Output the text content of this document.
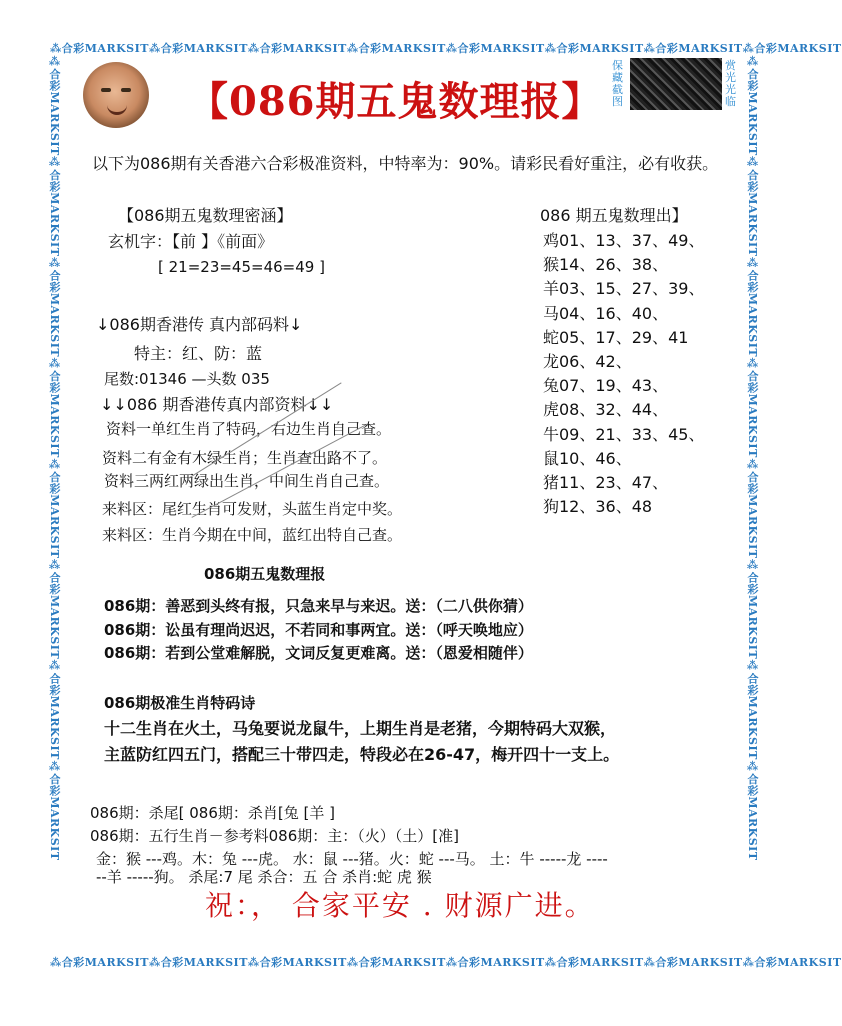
⁂合彩MARKSIT⁂合彩MARKSIT⁂合彩MARKSIT⁂合彩MARKSIT⁂合彩MARKSIT⁂合彩MARKSIT⁂合彩MARKSIT⁂合彩MARKSIT
⁂合彩MARKSIT⁂合彩MARKSIT⁂合彩MARKSIT⁂合彩MARKSIT⁂合彩MARKSIT⁂合彩MARKSIT⁂合彩MARKSIT⁂合彩MARKSIT
⁂合彩MARKSIT⁂合彩MARKSIT⁂合彩MARKSIT⁂合彩MARKSIT⁂合彩MARKSIT⁂合彩MARKSIT⁂合彩MARKSIT⁂合彩MARKSIT	⁂合彩MARKSIT⁂合彩MARKSIT⁂合彩MARKSIT⁂合彩MARKSIT⁂合彩MARKSIT⁂合彩MARKSIT⁂合彩MARKSIT⁂合彩MARKSIT
【086期五鬼数理报】
保藏截图
赏光光临
以下为086期有关香港六合彩极准资料，中特率为：90%。请彩民看好重注，必有收获。
【086期五鬼数理密涵】
玄机字：【前 】《前面》
[ 21=23=45=46=49 ]
086 期五鬼数理出】
鸡01、13、37、49、
猴14、26、38、
羊03、15、27、39、
马04、16、40、
蛇05、17、29、41
龙06、42、
兔07、19、43、
虎08、32、44、
牛09、21、33、45、
鼠10、46、
猪11、23、47、
狗12、36、48
↓086期香港传 真内部码料↓
特主：红、防：蓝
尾数:01346 —头数 035
↓↓086 期香港传真内部资料↓↓
资料一单红生肖了特码，右边生肖自己查。
资料二有金有木绿生肖；生肖查出路不了。
资料三两红两绿出生肖，中间生肖自己查。
来料区：尾红生肖可发财，头蓝生肖定中奖。
来料区：生肖今期在中间，蓝红出特自己查。
086期五鬼数理报
086期：善恶到头终有报，只急来早与来迟。送：（二八供你猜）
086期：讼虽有理尚迟迟，不若同和事两宜。送：（呼天唤地应）
086期：若到公堂难解脱，文词反复更难离。送：（恩爱相随伴）
086期极准生肖特码诗
十二生肖在火土，马兔要说龙鼠牛，上期生肖是老猪，今期特码大双猴，
主蓝防红四五门，搭配三十带四走，特段必在26-47，梅开四十一支上。
086期：杀尾[ 086期：杀肖[兔 [羊 ]
086期：五行生肖－参考料086期：主：（火）（土）[准]
金：猴 ---鸡。木：兔 ---虎。 水：鼠 ---猪。火：蛇 ---马。 土：牛 -----龙 ----
--羊 -----狗。 杀尾:7 尾 杀合：五 合 杀肖:蛇 虎 猴
祝：， 合家平安 . 财源广进。
